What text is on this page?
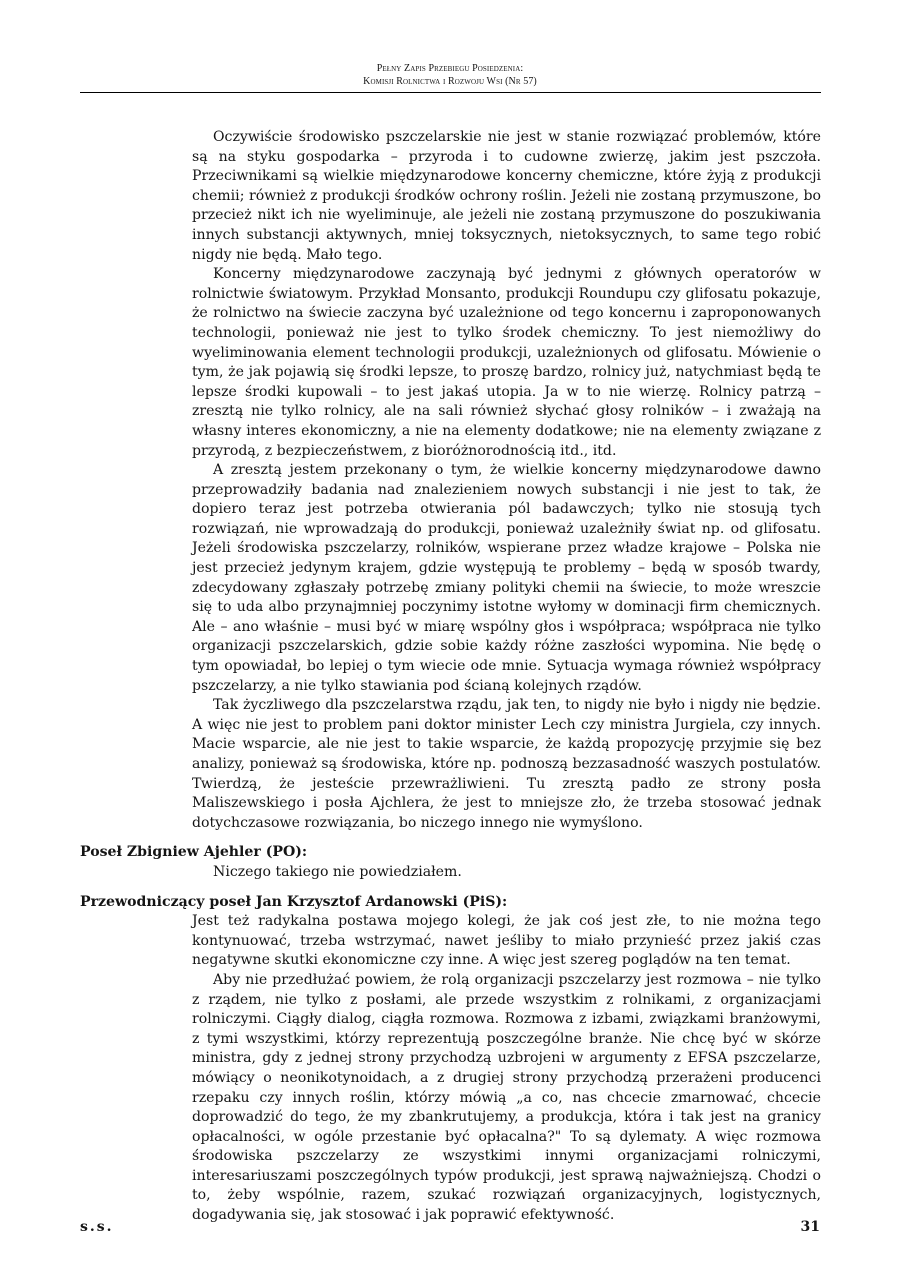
Pełny Zapis Przebiegu Posiedzenia:
Komisji Rolnictwa i Rozwoju Wsi (Nr 57)

Oczywiście środowisko pszczelarskie nie jest w stanie rozwiązać problemów, które są na styku gospodarka – przyroda i to cudowne zwierzę, jakim jest pszczoła. Przeciwnikami są wielkie międzynarodowe koncerny chemiczne, które żyją z produkcji chemii; również z produkcji środków ochrony roślin. Jeżeli nie zostaną przymuszone, bo przecież nikt ich nie wyeliminuje, ale jeżeli nie zostaną przymuszone do poszukiwania innych substancji aktywnych, mniej toksycznych, nietoksycznych, to same tego robić nigdy nie będą. Mało tego.

Koncerny międzynarodowe zaczynają być jednymi z głównych operatorów w rolnictwie światowym. Przykład Monsanto, produkcji Roundupu czy glifosatu pokazuje, że rolnictwo na świecie zaczyna być uzależnione od tego koncernu i zaproponowanych technologii, ponieważ nie jest to tylko środek chemiczny. To jest niemożliwy do wyeliminowania element technologii produkcji, uzależnionych od glifosatu. Mówienie o tym, że jak pojawią się środki lepsze, to proszę bardzo, rolnicy już, natychmiast będą te lepsze środki kupowali – to jest jakaś utopia. Ja w to nie wierzę. Rolnicy patrzą – zresztą nie tylko rolnicy, ale na sali również słychać głosy rolników – i zważają na własny interes ekonomiczny, a nie na elementy dodatkowe; nie na elementy związane z przyrodą, z bezpieczeństwem, z bioróżnorodnością itd., itd.

A zresztą jestem przekonany o tym, że wielkie koncerny międzynarodowe dawno przeprowadziły badania nad znalezieniem nowych substancji i nie jest to tak, że dopiero teraz jest potrzeba otwierania pól badawczych; tylko nie stosują tych rozwiązań, nie wprowadzają do produkcji, ponieważ uzależniły świat np. od glifosatu. Jeżeli środowiska pszczelarzy, rolników, wspierane przez władze krajowe – Polska nie jest przecież jedynym krajem, gdzie występują te problemy – będą w sposób twardy, zdecydowany zgłaszały potrzebę zmiany polityki chemii na świecie, to może wreszcie się to uda albo przynajmniej poczynimy istotne wyłomy w dominacji firm chemicznych. Ale – ano właśnie – musi być w miarę wspólny głos i współpraca; współpraca nie tylko organizacji pszczelarskich, gdzie sobie każdy różne zaszłości wypomina. Nie będę o tym opowiadał, bo lepiej o tym wiecie ode mnie. Sytuacja wymaga również współpracy pszczelarzy, a nie tylko stawiania pod ścianą kolejnych rządów.

Tak życzliwego dla pszczelarstwa rządu, jak ten, to nigdy nie było i nigdy nie będzie. A więc nie jest to problem pani doktor minister Lech czy ministra Jurgiela, czy innych. Macie wsparcie, ale nie jest to takie wsparcie, że każdą propozycję przyjmie się bez analizy, ponieważ są środowiska, które np. podnoszą bezzasadność waszych postulatów. Twierdzą, że jesteście przewrażliwieni. Tu zresztą padło ze strony posła Maliszewskiego i posła Ajchlera, że jest to mniejsze zło, że trzeba stosować jednak dotychczasowe rozwiązania, bo niczego innego nie wymyślono.

Poseł Zbigniew Ajehler (PO):

Niczego takiego nie powiedziałem.

Przewodniczący poseł Jan Krzysztof Ardanowski (PiS):

Jest też radykalna postawa mojego kolegi, że jak coś jest złe, to nie można tego kontynuować, trzeba wstrzymać, nawet jeśliby to miało przynieść przez jakiś czas negatywne skutki ekonomiczne czy inne. A więc jest szereg poglądów na ten temat.

Aby nie przedłużać powiem, że rolą organizacji pszczelarzy jest rozmowa – nie tylko z rządem, nie tylko z posłami, ale przede wszystkim z rolnikami, z organizacjami rolniczymi. Ciągły dialog, ciągła rozmowa. Rozmowa z izbami, związkami branżowymi, z tymi wszystkimi, którzy reprezentują poszczególne branże. Nie chcę być w skórze ministra, gdy z jednej strony przychodzą uzbrojeni w argumenty z EFSA pszczelarze, mówiący o neonikotynoidach, a z drugiej strony przychodzą przerażeni producenci rzepaku czy innych roślin, którzy mówią „a co, nas chcecie zmarnować, chcecie doprowadzić do tego, że my zbankrutujemy, a produkcja, która i tak jest na granicy opłacalności, w ogóle przestanie być opłacalna?" To są dylematy. A więc rozmowa środowiska pszczelarzy ze wszystkimi innymi organizacjami rolniczymi, interesariuszami poszczególnych typów produkcji, jest sprawą najważniejszą. Chodzi o to, żeby wspólnie, razem, szukać rozwiązań organizacyjnych, logistycznych, dogadywania się, jak stosować i jak poprawić efektywność.

s.s.	31
